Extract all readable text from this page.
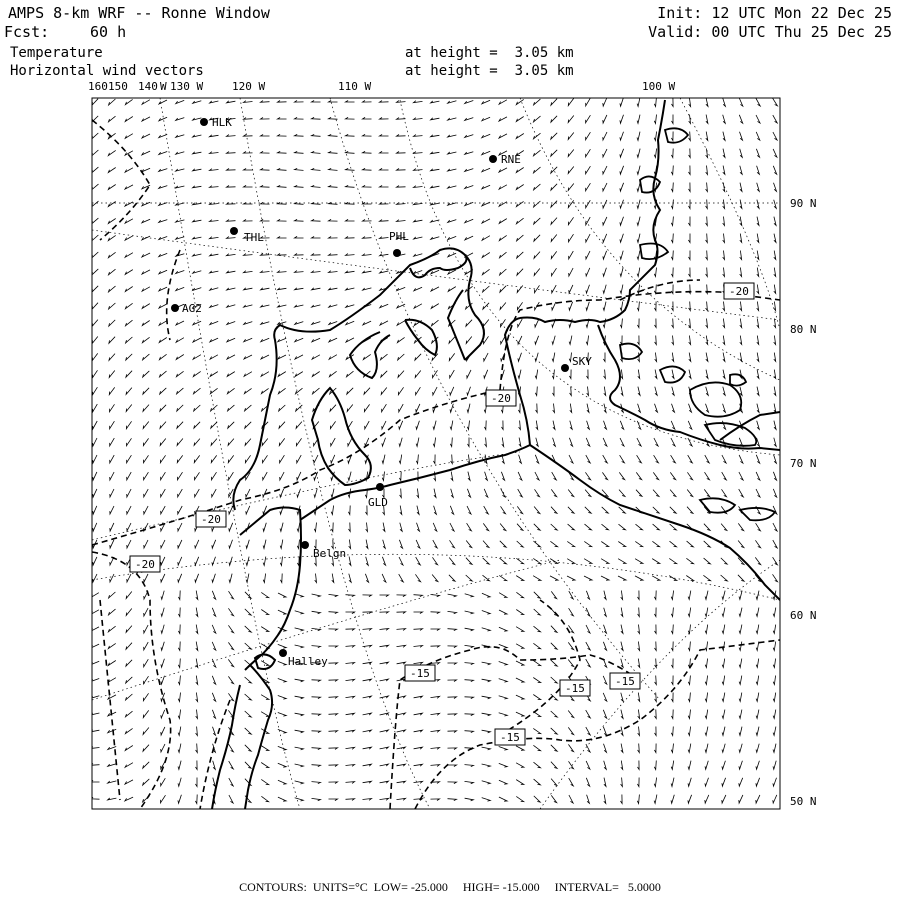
AMPS 8-km WRF -- Ronne Window
Fcst:	60 h
Init: 12 UTC Mon 22 Dec 25
Valid: 00 UTC Thu 25 Dec 25
Temperature
Horizontal wind vectors
at height =  3.05 km
at height =  3.05 km
160 150 140 W 130 W	120 W	110 W	100 W
90 N
80 N
70 N
60 N
50 N
HLK
RNE
THL	PHL
AG2
SKY
GLD
Belgn
Halley
-20
-20
-20
-20
-15
-15
-15
-15
CONTOURS:  UNITS=°C  LOW= -25.000     HIGH= -15.000     INTERVAL=   5.0000
